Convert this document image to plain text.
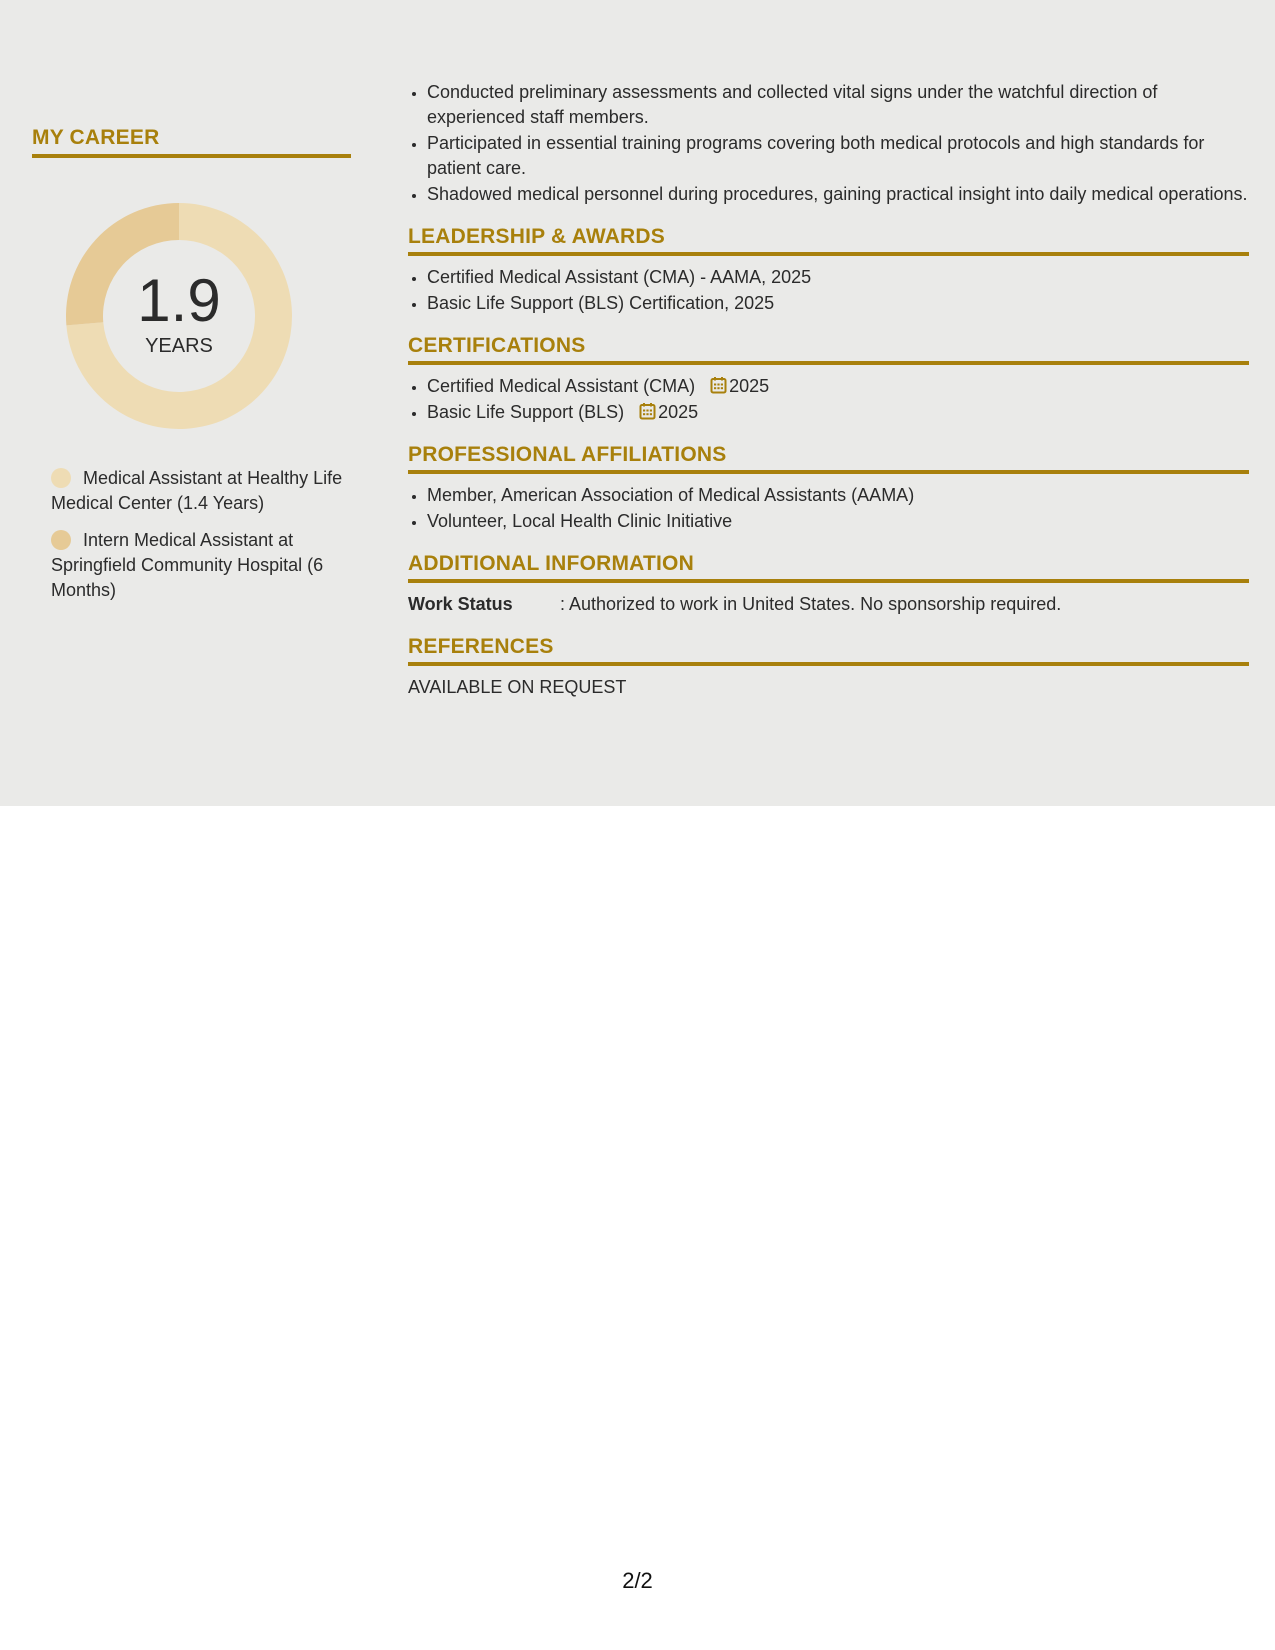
MY CAREER
1.9
YEARS
Medical Assistant at Healthy Life Medical Center (1.4 Years)
Intern Medical Assistant at Springfield Community Hospital (6 Months)
• Conducted preliminary assessments and collected vital signs under the watchful direction of experienced staff members.
• Participated in essential training programs covering both medical protocols and high standards for patient care.
• Shadowed medical personnel during procedures, gaining practical insight into daily medical operations.
LEADERSHIP & AWARDS
• Certified Medical Assistant (CMA) - AAMA, 2025
• Basic Life Support (BLS) Certification, 2025
CERTIFICATIONS
• Certified Medical Assistant (CMA) 2025
• Basic Life Support (BLS) 2025
PROFESSIONAL AFFILIATIONS
• Member, American Association of Medical Assistants (AAMA)
• Volunteer, Local Health Clinic Initiative
ADDITIONAL INFORMATION
Work Status	: Authorized to work in United States. No sponsorship required.
REFERENCES
AVAILABLE ON REQUEST
2/2
